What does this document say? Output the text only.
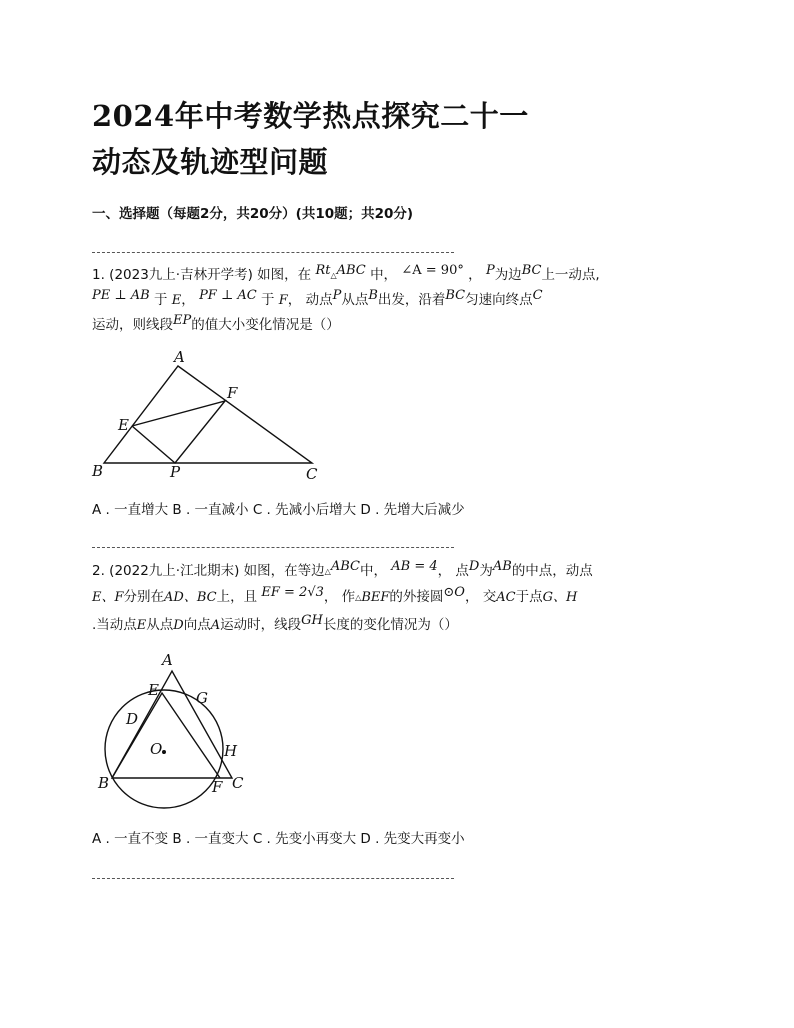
2024年中考数学热点探究二十一
动态及轨迹型问题
一、选择题（每题2分，共20分）(共10题；共20分)
1. (2023九上·吉林开学考) 如图，在 Rt△ABC 中， ∠A = 90° ， P为边BC上一动点,
PE ⊥ AB 于 E， PF ⊥ AC 于 F， 动点P从点B出发，沿着BC匀速向终点C
运动，则线段EP的值大小变化情况是（）
A
B	C
E
F
P
A . 一直增大 B . 一直减小 C . 先减小后增大 D . 先增大后减少
2. (2022九上·江北期末) 如图，在等边△ABC中， AB = 4， 点D为AB的中点，动点
E、F分别在AD、BC上，且 EF = 2√3， 作△BEF的外接圆⊙O， 交AC于点G、H
.当动点E从点D向点A运动时，线段GH长度的变化情况为（）
A
B	C
D
E
F
G
H
O.
A . 一直不变 B . 一直变大 C . 先变小再变大 D . 先变大再变小
